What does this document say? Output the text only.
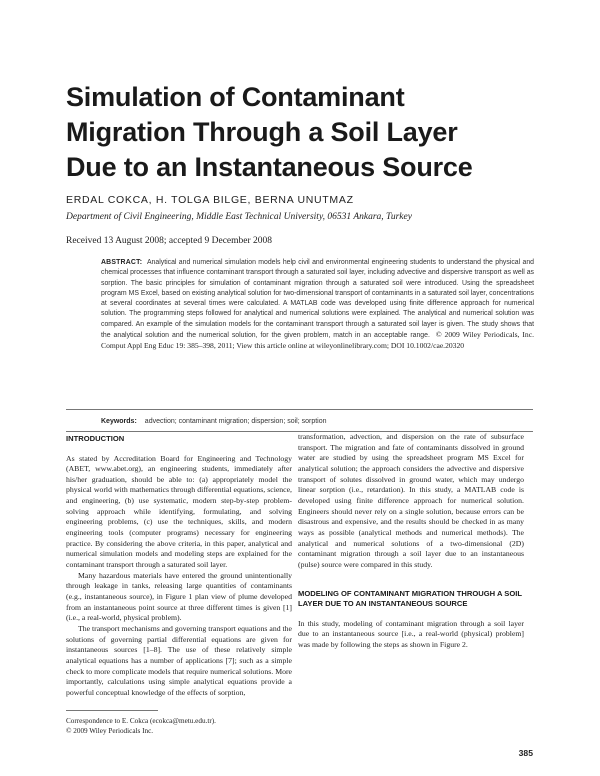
Simulation of Contaminant
Migration Through a Soil Layer
Due to an Instantaneous Source

ERDAL COKCA, H. TOLGA BILGE, BERNA UNUTMAZ

Department of Civil Engineering, Middle East Technical University, 06531 Ankara, Turkey

Received 13 August 2008; accepted 9 December 2008

ABSTRACT: Analytical and numerical simulation models help civil and environmental engineering students to understand the physical and chemical processes that influence contaminant transport through a saturated soil layer, including advective and dispersive transport as well as sorption. The basic principles for simulation of contaminant migration through a saturated soil were introduced. Using the spreadsheet program MS Excel, based on existing analytical solution for two-dimensional transport of contaminants in a saturated soil layer, concentrations at several coordinates at several times were calculated. A MATLAB code was developed using finite difference approach for numerical solution. The programming steps followed for analytical and numerical solutions were explained. The analytical and numerical solution was compared. An example of the simulation models for the contaminant transport through a saturated soil layer is given. The study shows that the analytical solution and the numerical solution, for the given problem, match in an acceptable range. © 2009 Wiley Periodicals, Inc. Comput Appl Eng Educ 19: 385–398, 2011; View this article online at wileyonlinelibrary.com; DOI 10.1002/cae.20320

Keywords: advection; contaminant migration; dispersion; soil; sorption

INTRODUCTION

As stated by Accreditation Board for Engineering and Technology (ABET, www.abet.org), an engineering students, immediately after his/her graduation, should be able to: (a) appropriately model the physical world with mathematics through differential equations, science, and engineering, (b) use systematic, modern step-by-step problem-solving approach while identifying, formulating, and solving engineering problems, (c) use the techniques, skills, and modern engineering tools (computer programs) necessary for engineering practice. By considering the above criteria, in this paper, analytical and numerical simulation models and modeling steps are explained for the contaminant transport through a saturated soil layer.

Many hazardous materials have entered the ground unintentionally through leakage in tanks, releasing large quantities of contaminants (e.g., instantaneous source), in Figure 1 plan view of plume developed from an instantaneous point source at three different times is given [1] (i.e., a real-world, physical problem).

The transport mechanisms and governing transport equations and the solutions of governing partial differential equations are given for instantaneous sources [1–8]. The use of these relatively simple analytical equations has a number of applications [7]; such as a simple check to more complicate models that require numerical solutions. More importantly, calculations using simple analytical equations provide a powerful conceptual knowledge of the effects of sorption,

transformation, advection, and dispersion on the rate of subsurface transport. The migration and fate of contaminants dissolved in ground water are studied by using the spreadsheet program MS Excel for analytical solution; the approach considers the advective and dispersive transport of solutes dissolved in ground water, which may undergo linear sorption (i.e., retardation). In this study, a MATLAB code is developed using finite difference approach for numerical solution. Engineers should never rely on a single solution, because errors can be disastrous and expensive, and the results should be checked in as many ways as possible (analytical methods and numerical methods). The analytical and numerical solutions of a two-dimensional (2D) contaminant migration through a soil layer due to an instantaneous (pulse) source were compared in this study.

MODELING OF CONTAMINANT MIGRATION THROUGH A SOIL LAYER DUE TO AN INSTANTANEOUS SOURCE

In this study, modeling of contaminant migration through a soil layer due to an instantaneous source [i.e., a real-world (physical) problem] was made by following the steps as shown in Figure 2.

Correspondence to E. Cokca (ecokca@metu.edu.tr).
© 2009 Wiley Periodicals Inc.
385
